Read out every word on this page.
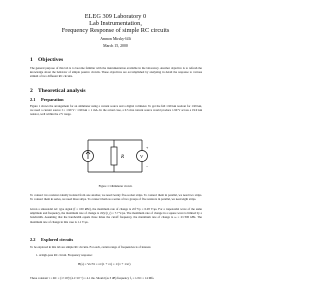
ELEG 309 Laboratory 0
Lab Instrumentation,
Frequency Response of simple RC circuits
Amnon Mirsky-lilli
March 15, 2000
1 Objectives
The general purpose of this lab is to become familiar with the instrumentation available in the laboratory. Another objective is to refresh the knowledge about the behavior of simple passive circuits. These objectives are accomplished by analyzing in detail the response to various stimuli of two different RC circuits.
2 Theoretical analysis
2.1 Preparation
Figure 1 shows the arrangement for an ohmmeter using a current source and a digital voltmeter. To get the full 1.99 kΩ readout for 1.99 kΩ, we need a current source I = 1.99 V / 1.99 kΩ = 1 mA. In the actual case, a 0.5 mA current source would produce 1.99 V across a 19.9 kΩ resistor, well within the 2 V range.
R	V
+
−
Figure 1: Ohmmeter circuit.
To connect two resistors ideally isolated from one another, we need twenty five-socket strips. To connect them in parallel, we need two strips. To connect them in series, we need three strips. To connect them as a series of two groups of five resistors in parallel, we need eight strips.
Given a sinusoidal AC type signal (f = 100 kHz), the maximum rate of change is 2πf·Vp = 6.28 V/μs. For a trapezoidal wave of the same amplitude and frequency, the maximum rate of change is 4Vp/(t_r) = 7.7 V/μs. The maximum rate of change in a square wave is limited by a bandwidth. Assuming that the bandwidth equals three times the cutoff frequency, the maximum rate of change is ω = 2π·300 kHz. The maximum rate of change in this case is 1.1 V/μs.
2.2 Explored circuits
To be explored in this lab are simple RC circuits. For each, certain range of frequencies is of interest.
1. A high-pass RC circuit. Frequency response:
H(s) = Vo/Vi = sτ/(1 + sτ) = 1/(1 + 1/sτ)
These constant τ = RC = (1×10³)·(4.1×10⁻⁶) = 4.1 ms. Should (as 3 dB) frequency f₀ = 1/2πτ = 14 Mfs.
